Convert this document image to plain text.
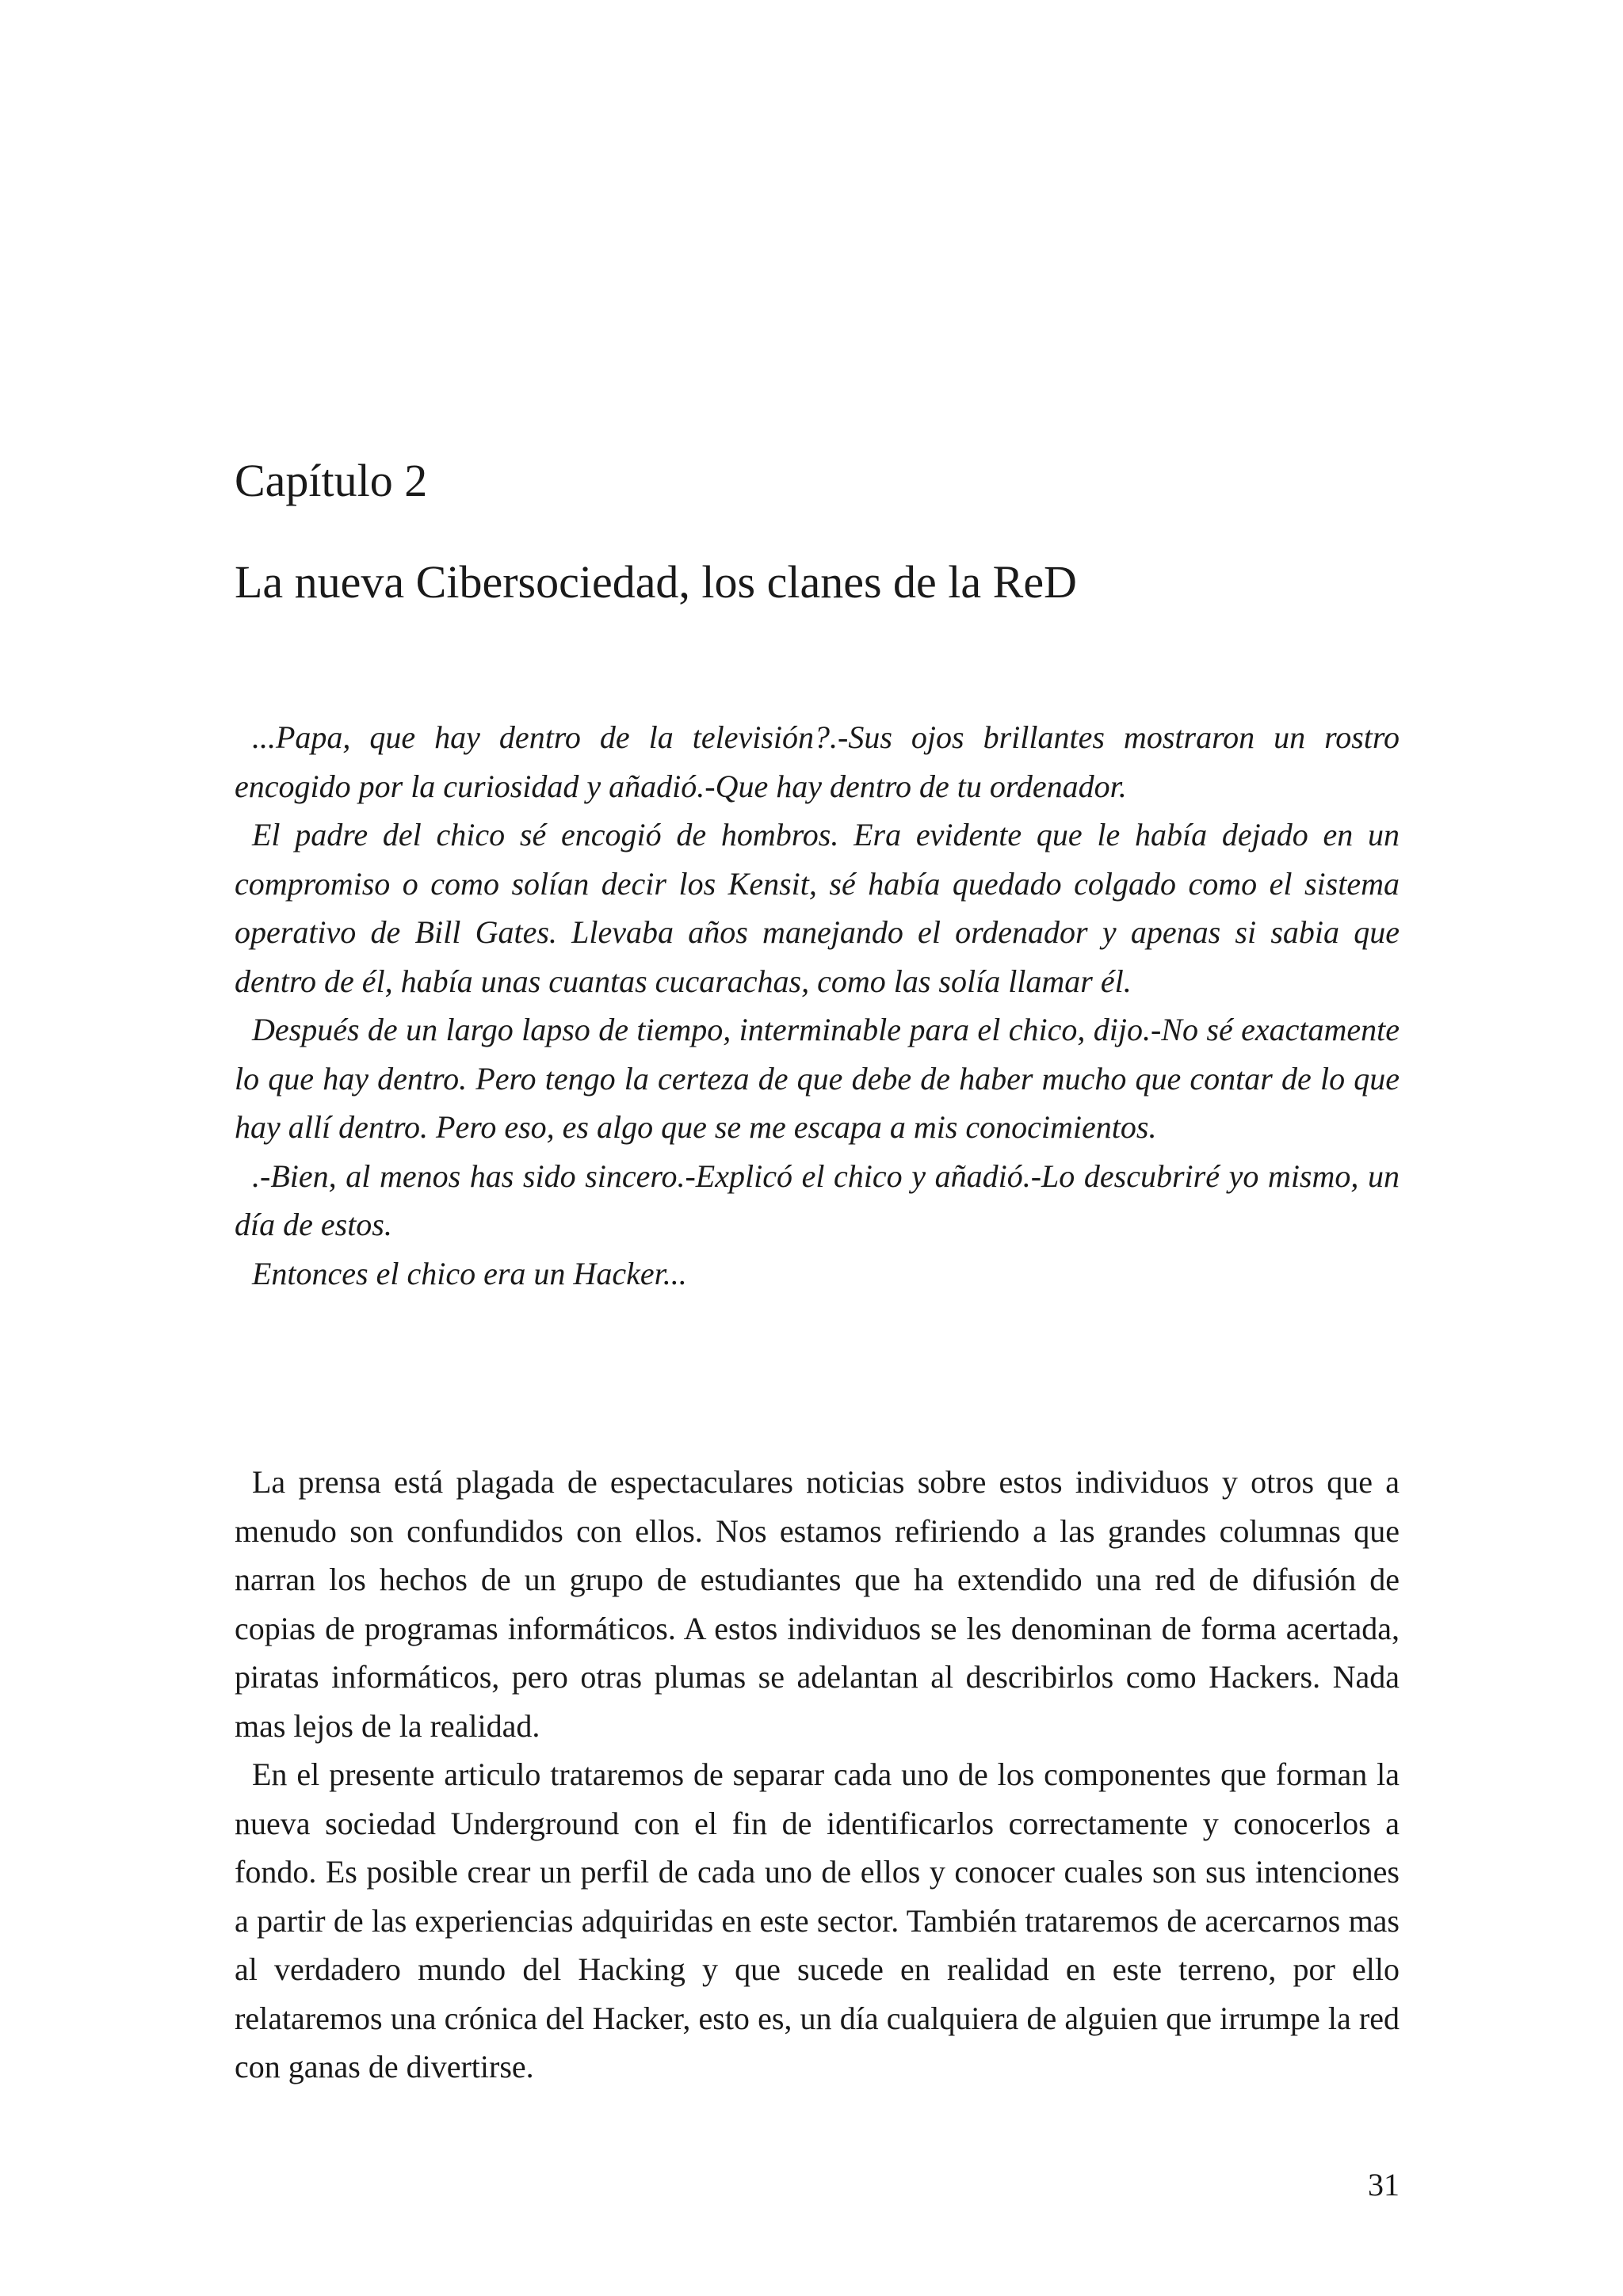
Capítulo 2
La nueva Cibersociedad, los clanes de la ReD

...Papa, que hay dentro de la televisión?.-Sus ojos brillantes mostraron un rostro encogido por la curiosidad y añadió.-Que hay dentro de tu ordenador.

El padre del chico sé encogió de hombros. Era evidente que le había dejado en un compromiso o como solían decir los Kensit, sé había quedado colgado como el sistema operativo de Bill Gates. Llevaba años manejando el ordenador y apenas si sabia que dentro de él, había unas cuantas cucarachas, como las solía llamar él.

Después de un largo lapso de tiempo, interminable para el chico, dijo.-No sé exactamente lo que hay dentro. Pero tengo la certeza de que debe de haber mucho que contar de lo que hay allí dentro. Pero eso, es algo que se me escapa a mis conocimientos.

.-Bien, al menos has sido sincero.-Explicó el chico y añadió.-Lo descubriré yo mismo, un día de estos.

Entonces el chico era un Hacker...

La prensa está plagada de espectaculares noticias sobre estos individuos y otros que a menudo son confundidos con ellos. Nos estamos refiriendo a las grandes columnas que narran los hechos de un grupo de estudiantes que ha extendido una red de difusión de copias de programas informáticos. A estos individuos se les denominan de forma acertada, piratas informáticos, pero otras plumas se adelantan al describirlos como Hackers. Nada mas lejos de la realidad.

En el presente articulo trataremos de separar cada uno de los componentes que forman la nueva sociedad Underground con el fin de identificarlos correctamente y conocerlos a fondo. Es posible crear un perfil de cada uno de ellos y conocer cuales son sus intenciones a partir de las experiencias adquiridas en este sector. También trataremos de acercarnos mas al verdadero mundo del Hacking y que sucede en realidad en este terreno, por ello relataremos una crónica del Hacker, esto es, un día cualquiera de alguien que irrumpe la red con ganas de divertirse.

31
